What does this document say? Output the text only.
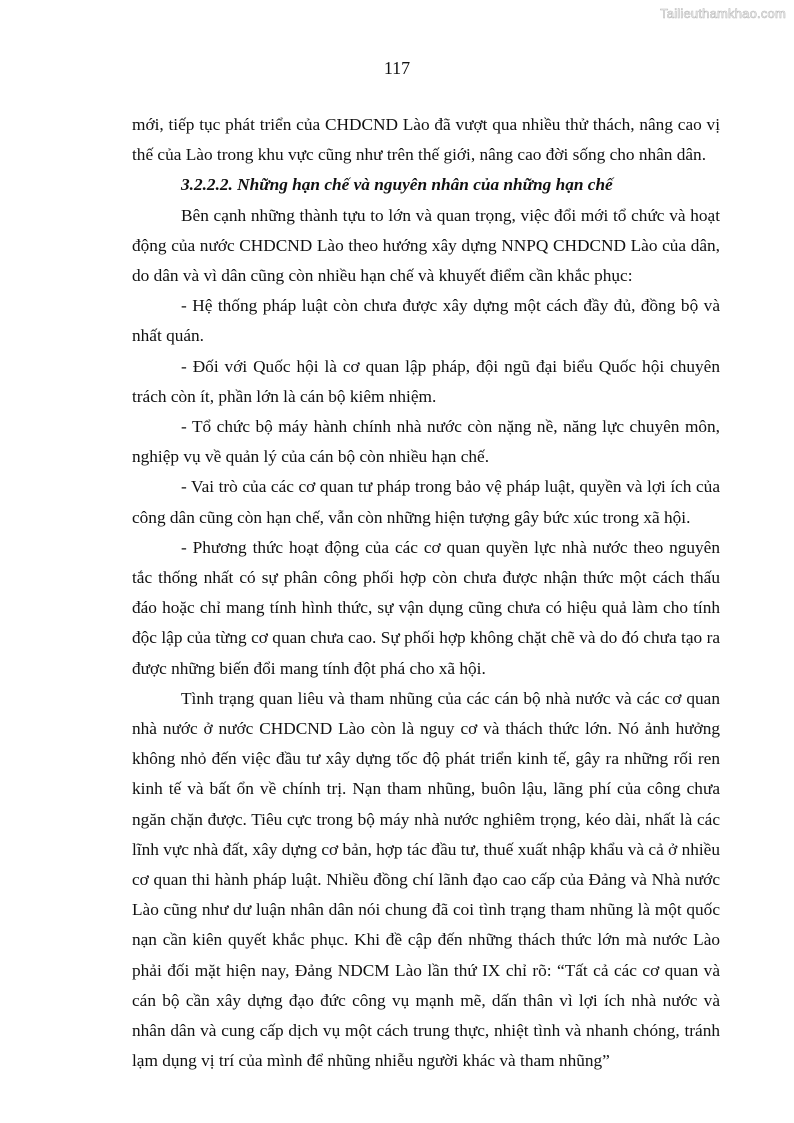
Tailieuthamkhao.com
117

mới, tiếp tục phát triển của CHDCND Lào đã vượt qua nhiều thử thách, nâng cao vị thế của Lào trong khu vực cũng như trên thế giới, nâng cao đời sống cho nhân dân.

3.2.2.2. Những hạn chế và nguyên nhân của những hạn chế

Bên cạnh những thành tựu to lớn và quan trọng, việc đổi mới tổ chức và hoạt động của nước CHDCND Lào theo hướng xây dựng NNPQ CHDCND Lào của dân, do dân và vì dân cũng còn nhiều hạn chế và khuyết điểm cần khắc phục:

- Hệ thống pháp luật còn chưa được xây dựng một cách đầy đủ, đồng bộ và nhất quán.

- Đối với Quốc hội là cơ quan lập pháp, đội ngũ đại biểu Quốc hội chuyên trách còn ít, phần lớn là cán bộ kiêm nhiệm.

- Tổ chức bộ máy hành chính nhà nước còn nặng nề, năng lực chuyên môn, nghiệp vụ về quản lý của cán bộ còn nhiều hạn chế.

- Vai trò của các cơ quan tư pháp trong bảo vệ pháp luật, quyền và lợi ích của công dân cũng còn hạn chế, vẫn còn những hiện tượng gây bức xúc trong xã hội.

- Phương thức hoạt động của các cơ quan quyền lực nhà nước theo nguyên tắc thống nhất có sự phân công phối hợp còn chưa được nhận thức một cách thấu đáo hoặc chỉ mang tính hình thức, sự vận dụng cũng chưa có hiệu quả làm cho tính độc lập của từng cơ quan chưa cao. Sự phối hợp không chặt chẽ và do đó chưa tạo ra được những biến đổi mang tính đột phá cho xã hội.

Tình trạng quan liêu và tham nhũng của các cán bộ nhà nước và các cơ quan nhà nước ở nước CHDCND Lào còn là nguy cơ và thách thức lớn. Nó ảnh hưởng không nhỏ đến việc đầu tư xây dựng tốc độ phát triển kinh tế, gây ra những rối ren kinh tế và bất ổn về chính trị. Nạn tham nhũng, buôn lậu, lãng phí của công chưa ngăn chặn được. Tiêu cực trong bộ máy nhà nước nghiêm trọng, kéo dài, nhất là các lĩnh vực nhà đất, xây dựng cơ bản, hợp tác đầu tư, thuế xuất nhập khẩu và cả ở nhiều cơ quan thi hành pháp luật. Nhiều đồng chí lãnh đạo cao cấp của Đảng và Nhà nước Lào cũng như dư luận nhân dân nói chung đã coi tình trạng tham nhũng là một quốc nạn cần kiên quyết khắc phục. Khi đề cập đến những thách thức lớn mà nước Lào phải đối mặt hiện nay, Đảng NDCM Lào lần thứ IX chỉ rõ: “Tất cả các cơ quan và cán bộ cần xây dựng đạo đức công vụ mạnh mẽ, dấn thân vì lợi ích nhà nước và nhân dân và cung cấp dịch vụ một cách trung thực, nhiệt tình và nhanh chóng, tránh lạm dụng vị trí của mình để nhũng nhiễu người khác và tham nhũng”
